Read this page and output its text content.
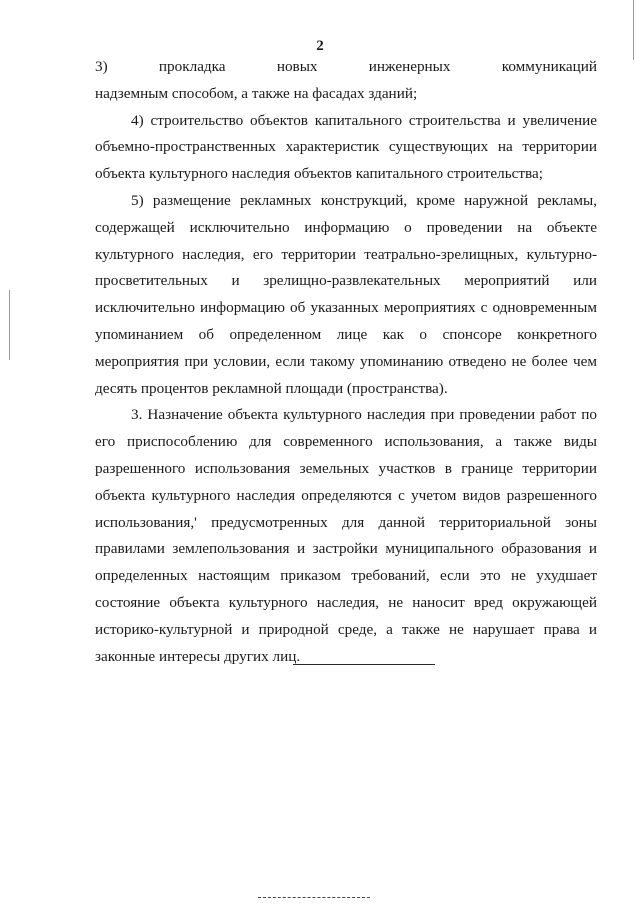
2
3)	прокладка	новых инженерных	коммуникаций
надземным способом, а также на фасадах зданий;

4) строительство объектов капитального строительства и увеличение объемно-пространственных характеристик существующих на территории объекта культурного наследия объектов капитального строительства;

5) размещение рекламных конструкций, кроме наружной рекламы, содержащей исключительно информацию о проведении на объекте культурного наследия, его территории театрально-зрелищных, культурно-просветительных и зрелищно-развлекательных мероприятий или исключительно информацию об указанных мероприятиях с одновременным упоминанием об определенном лице как о спонсоре конкретного мероприятия при условии, если такому упоминанию отведено не более чем десять процентов рекламной площади (пространства).

3. Назначение объекта культурного наследия при проведении работ по его приспособлению для современного использования, а также виды разрешенного использования земельных участков в границе территории объекта культурного наследия определяются с учетом видов разрешенного использования,' предусмотренных для данной территориальной зоны правилами землепользования и застройки муниципального образования и определенных настоящим приказом требований, если это не ухудшает состояние объекта культурного наследия, не наносит вред окружающей историко-культурной и природной среде, а также не нарушает права и законные интересы других лиц.
